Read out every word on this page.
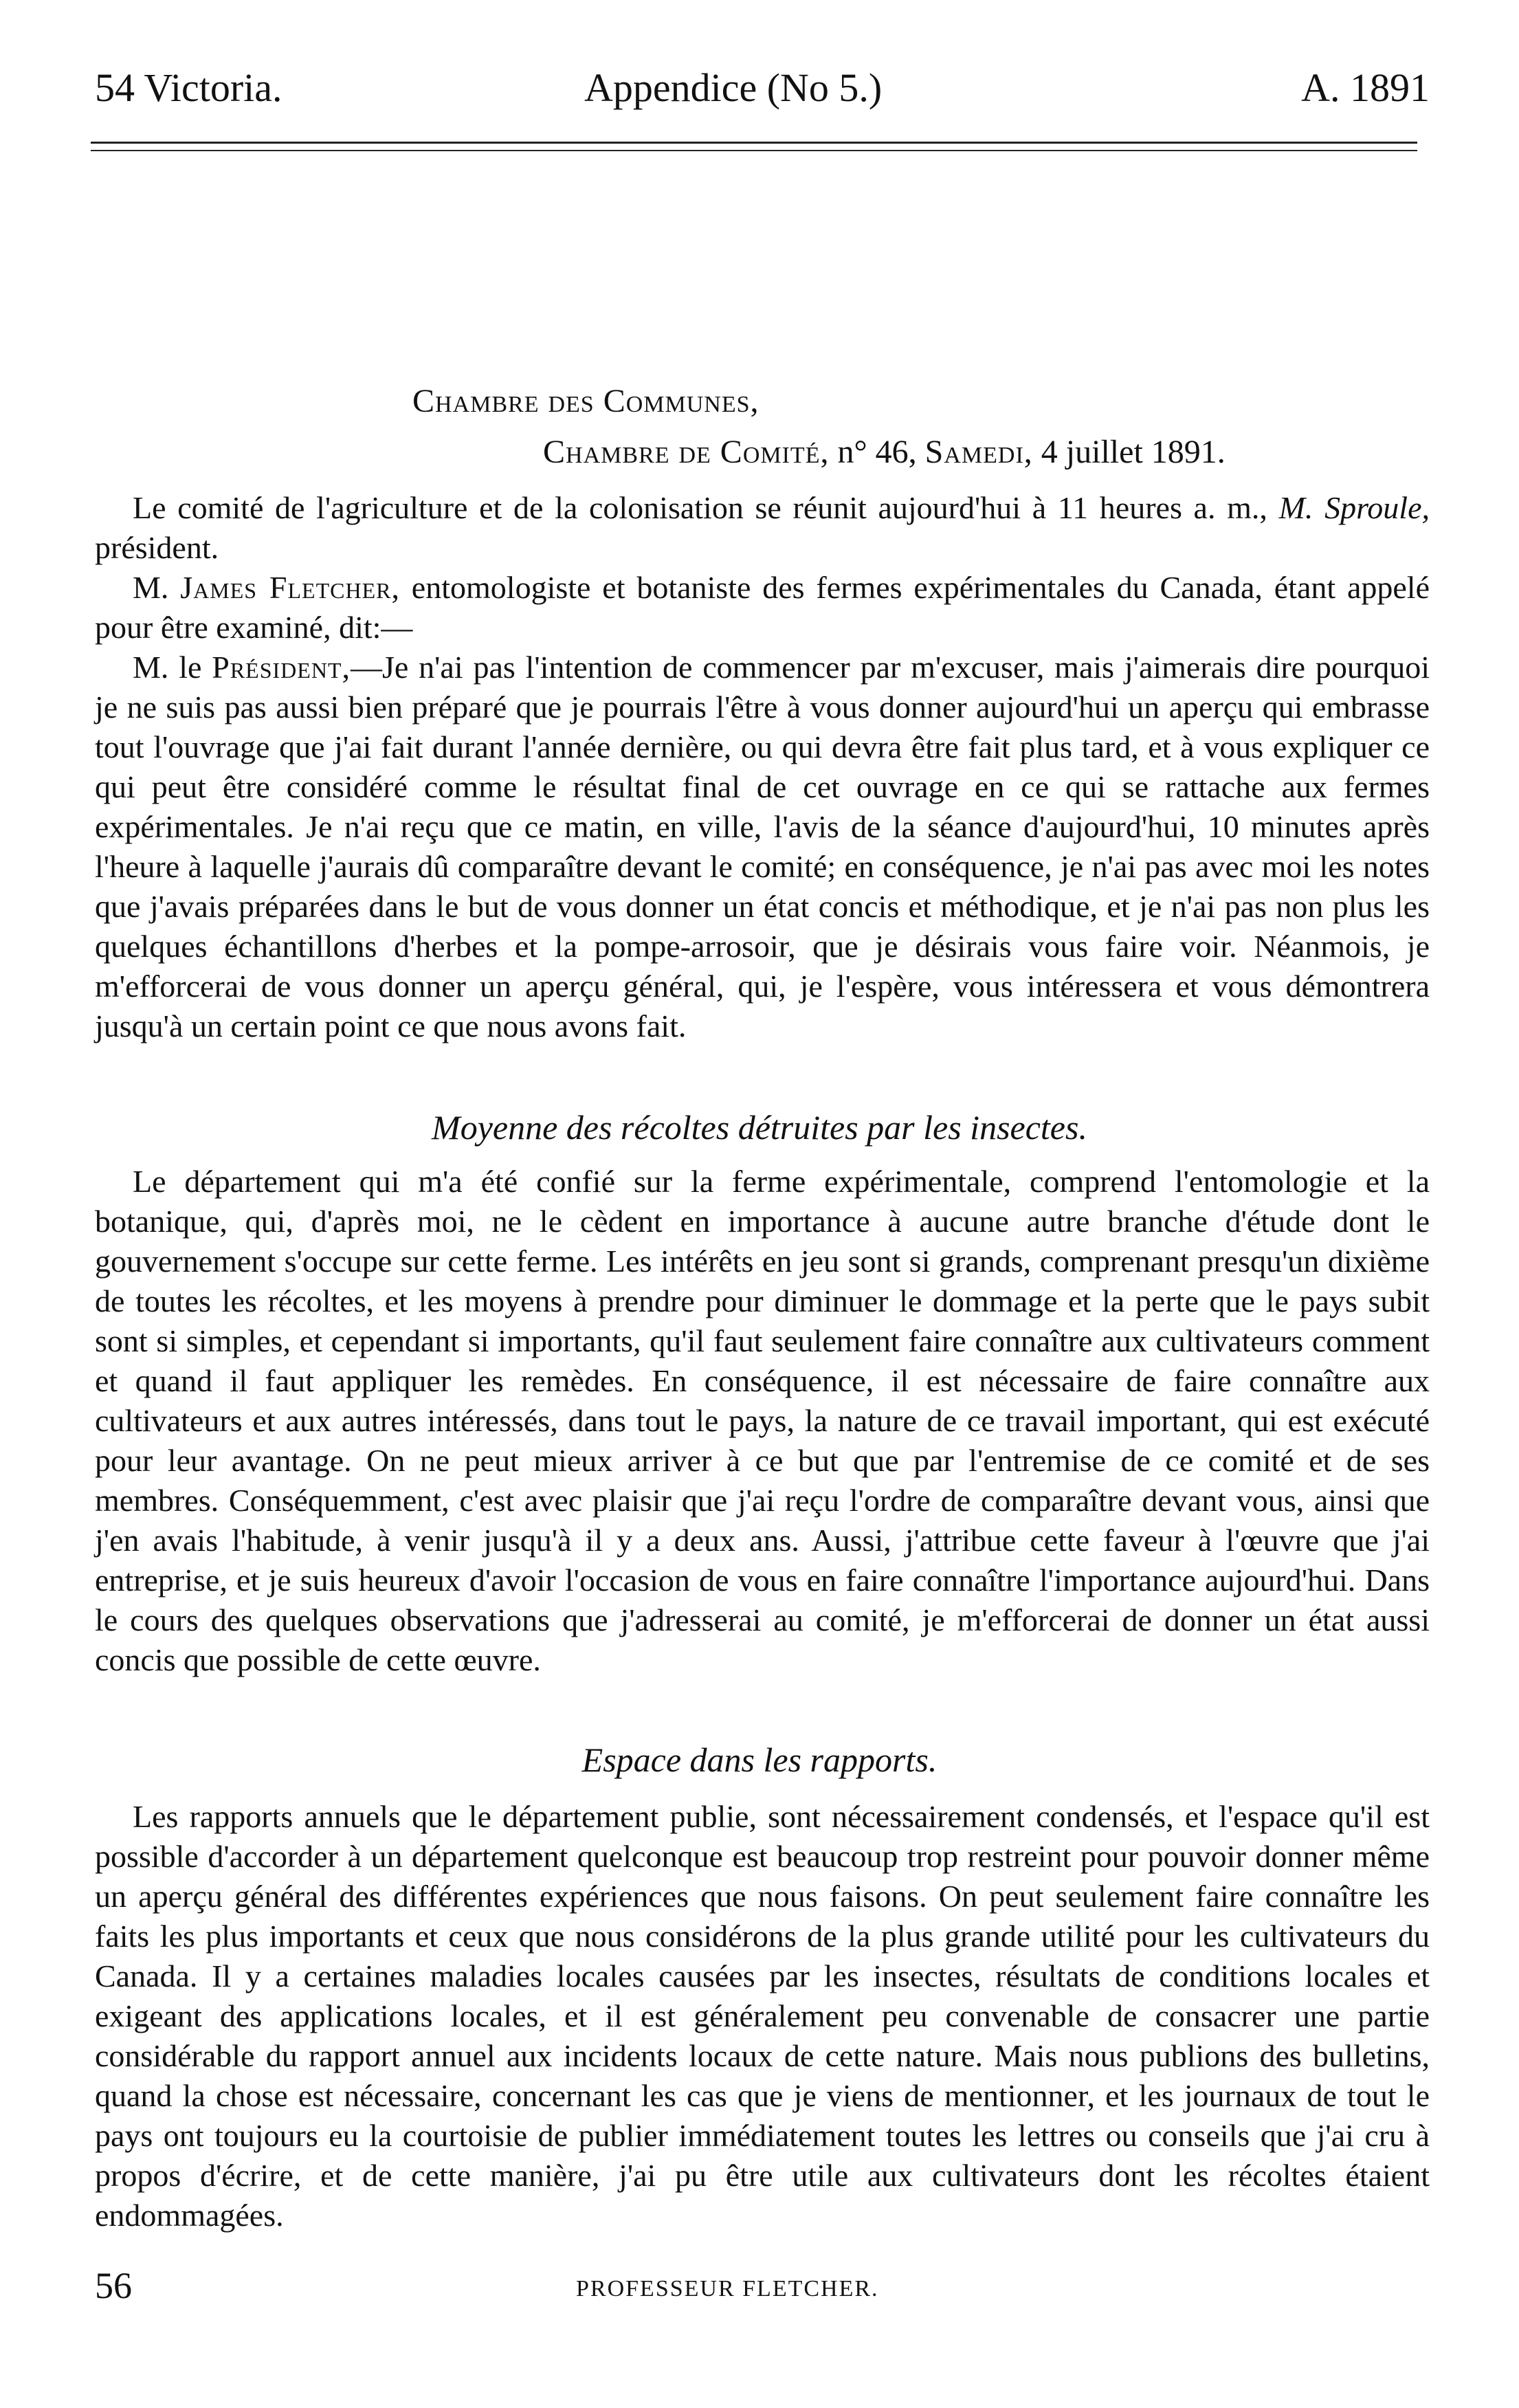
54 Victoria.	Appendice (No 5.)	A. 1891
Chambre des Communes,
Chambre de Comité, n° 46, Samedi, 4 juillet 1891.

Le comité de l'agriculture et de la colonisation se réunit aujourd'hui à 11 heures a. m., M. Sproule, président.

M. James Fletcher, entomologiste et botaniste des fermes expérimentales du Canada, étant appelé pour être examiné, dit:—

M. le Président,—Je n'ai pas l'intention de commencer par m'excuser, mais j'aimerais dire pourquoi je ne suis pas aussi bien préparé que je pourrais l'être à vous donner aujourd'hui un aperçu qui embrasse tout l'ouvrage que j'ai fait durant l'année dernière, ou qui devra être fait plus tard, et à vous expliquer ce qui peut être considéré comme le résultat final de cet ouvrage en ce qui se rattache aux fermes expérimentales. Je n'ai reçu que ce matin, en ville, l'avis de la séance d'aujourd'hui, 10 minutes après l'heure à laquelle j'aurais dû comparaître devant le comité; en conséquence, je n'ai pas avec moi les notes que j'avais préparées dans le but de vous donner un état concis et méthodique, et je n'ai pas non plus les quelques échantillons d'herbes et la pompe-arrosoir, que je désirais vous faire voir. Néanmois, je m'efforcerai de vous donner un aperçu général, qui, je l'espère, vous intéressera et vous démontrera jusqu'à un certain point ce que nous avons fait.

Moyenne des récoltes détruites par les insectes.

Le département qui m'a été confié sur la ferme expérimentale, comprend l'entomologie et la botanique, qui, d'après moi, ne le cèdent en importance à aucune autre branche d'étude dont le gouvernement s'occupe sur cette ferme. Les intérêts en jeu sont si grands, comprenant presqu'un dixième de toutes les récoltes, et les moyens à prendre pour diminuer le dommage et la perte que le pays subit sont si simples, et cependant si importants, qu'il faut seulement faire connaître aux cultivateurs comment et quand il faut appliquer les remèdes. En conséquence, il est nécessaire de faire connaître aux cultivateurs et aux autres intéressés, dans tout le pays, la nature de ce travail important, qui est exécuté pour leur avantage. On ne peut mieux arriver à ce but que par l'entremise de ce comité et de ses membres. Conséquemment, c'est avec plaisir que j'ai reçu l'ordre de comparaître devant vous, ainsi que j'en avais l'habitude, à venir jusqu'à il y a deux ans. Aussi, j'attribue cette faveur à l'œuvre que j'ai entreprise, et je suis heureux d'avoir l'occasion de vous en faire connaître l'importance aujourd'hui. Dans le cours des quelques observations que j'adresserai au comité, je m'efforcerai de donner un état aussi concis que possible de cette œuvre.

Espace dans les rapports.

Les rapports annuels que le département publie, sont nécessairement condensés, et l'espace qu'il est possible d'accorder à un département quelconque est beaucoup trop restreint pour pouvoir donner même un aperçu général des différentes expériences que nous faisons. On peut seulement faire connaître les faits les plus importants et ceux que nous considérons de la plus grande utilité pour les cultivateurs du Canada. Il y a certaines maladies locales causées par les insectes, résultats de conditions locales et exigeant des applications locales, et il est généralement peu convenable de consacrer une partie considérable du rapport annuel aux incidents locaux de cette nature. Mais nous publions des bulletins, quand la chose est nécessaire, concernant les cas que je viens de mentionner, et les journaux de tout le pays ont toujours eu la courtoisie de publier immédiatement toutes les lettres ou conseils que j'ai cru à propos d'écrire, et de cette manière, j'ai pu être utile aux cultivateurs dont les récoltes étaient endommagées.

56	PROFESSEUR FLETCHER.
